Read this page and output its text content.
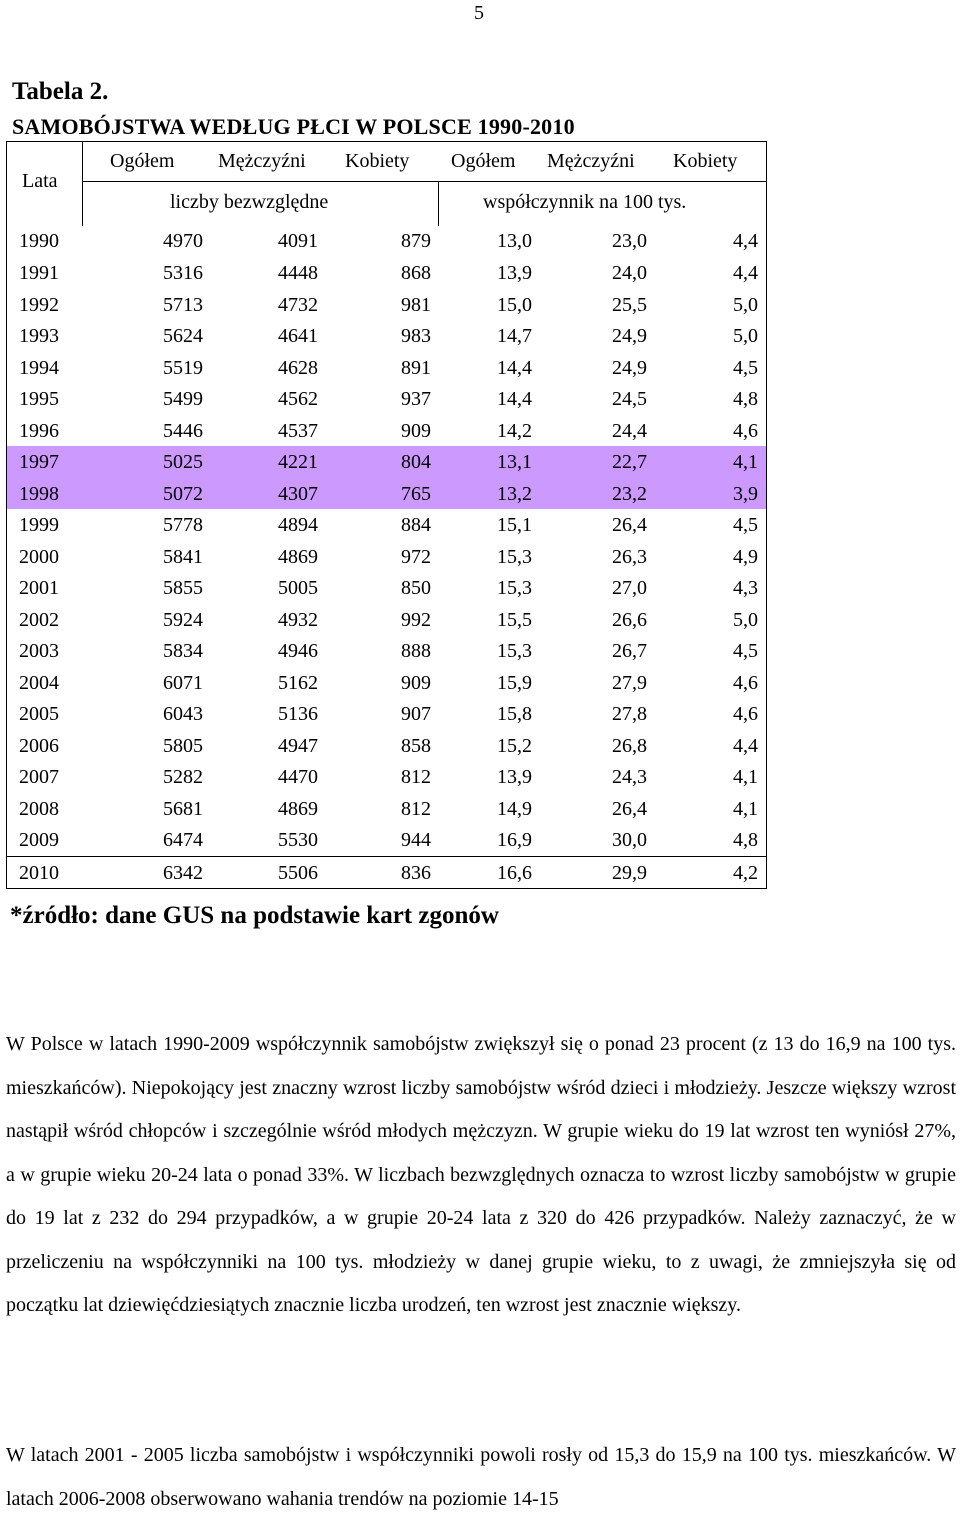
5
Tabela 2.
SAMOBÓJSTWA WEDŁUG PŁCI W POLSCE 1990-2010
Lata
Ogółem Mężczyźni Kobiety Ogółem Mężczyźni Kobiety
liczby bezwzględne	współczynnik na 100 tys.
1990	4970	4091	879	13,0	23,0	4,4
1991	5316	4448	868	13,9	24,0	4,4
1992	5713	4732	981	15,0	25,5	5,0
1993	5624	4641	983	14,7	24,9	5,0
1994	5519	4628	891	14,4	24,9	4,5
1995	5499	4562	937	14,4	24,5	4,8
1996	5446	4537	909	14,2	24,4	4,6
1997	5025	4221	804	13,1	22,7	4,1
1998	5072	4307	765	13,2	23,2	3,9
1999	5778	4894	884	15,1	26,4	4,5
2000	5841	4869	972	15,3	26,3	4,9
2001	5855	5005	850	15,3	27,0	4,3
2002	5924	4932	992	15,5	26,6	5,0
2003	5834	4946	888	15,3	26,7	4,5
2004	6071	5162	909	15,9	27,9	4,6
2005	6043	5136	907	15,8	27,8	4,6
2006	5805	4947	858	15,2	26,8	4,4
2007	5282	4470	812	13,9	24,3	4,1
2008	5681	4869	812	14,9	26,4	4,1
2009	6474	5530	944	16,9	30,0	4,8
2010	6342	5506	836	16,6	29,9	4,2
*źródło: dane GUS na podstawie kart zgonów
W Polsce w latach 1990-2009 współczynnik samobójstw zwiększył się o ponad 23 procent (z 13 do 16,9 na 100 tys. mieszkańców). Niepokojący jest znaczny wzrost liczby samobójstw wśród dzieci i młodzieży. Jeszcze większy wzrost nastąpił wśród chłopców i szczególnie wśród młodych mężczyzn. W grupie wieku do 19 lat wzrost ten wyniósł 27%, a w grupie wieku 20-24 lata o ponad 33%. W liczbach bezwzględnych oznacza to wzrost liczby samobójstw w grupie do 19 lat z 232 do 294 przypadków, a w grupie 20-24 lata z 320 do 426 przypadków. Należy zaznaczyć, że w przeliczeniu na współczynniki na 100 tys. młodzieży w danej grupie wieku, to z uwagi, że zmniejszyła się od początku lat dziewięćdziesiątych znacznie liczba urodzeń, ten wzrost jest znacznie większy.
W latach 2001 - 2005 liczba samobójstw i współczynniki powoli rosły od 15,3 do 15,9 na 100 tys. mieszkańców. W latach 2006-2008 obserwowano wahania trendów na poziomie 14-15
